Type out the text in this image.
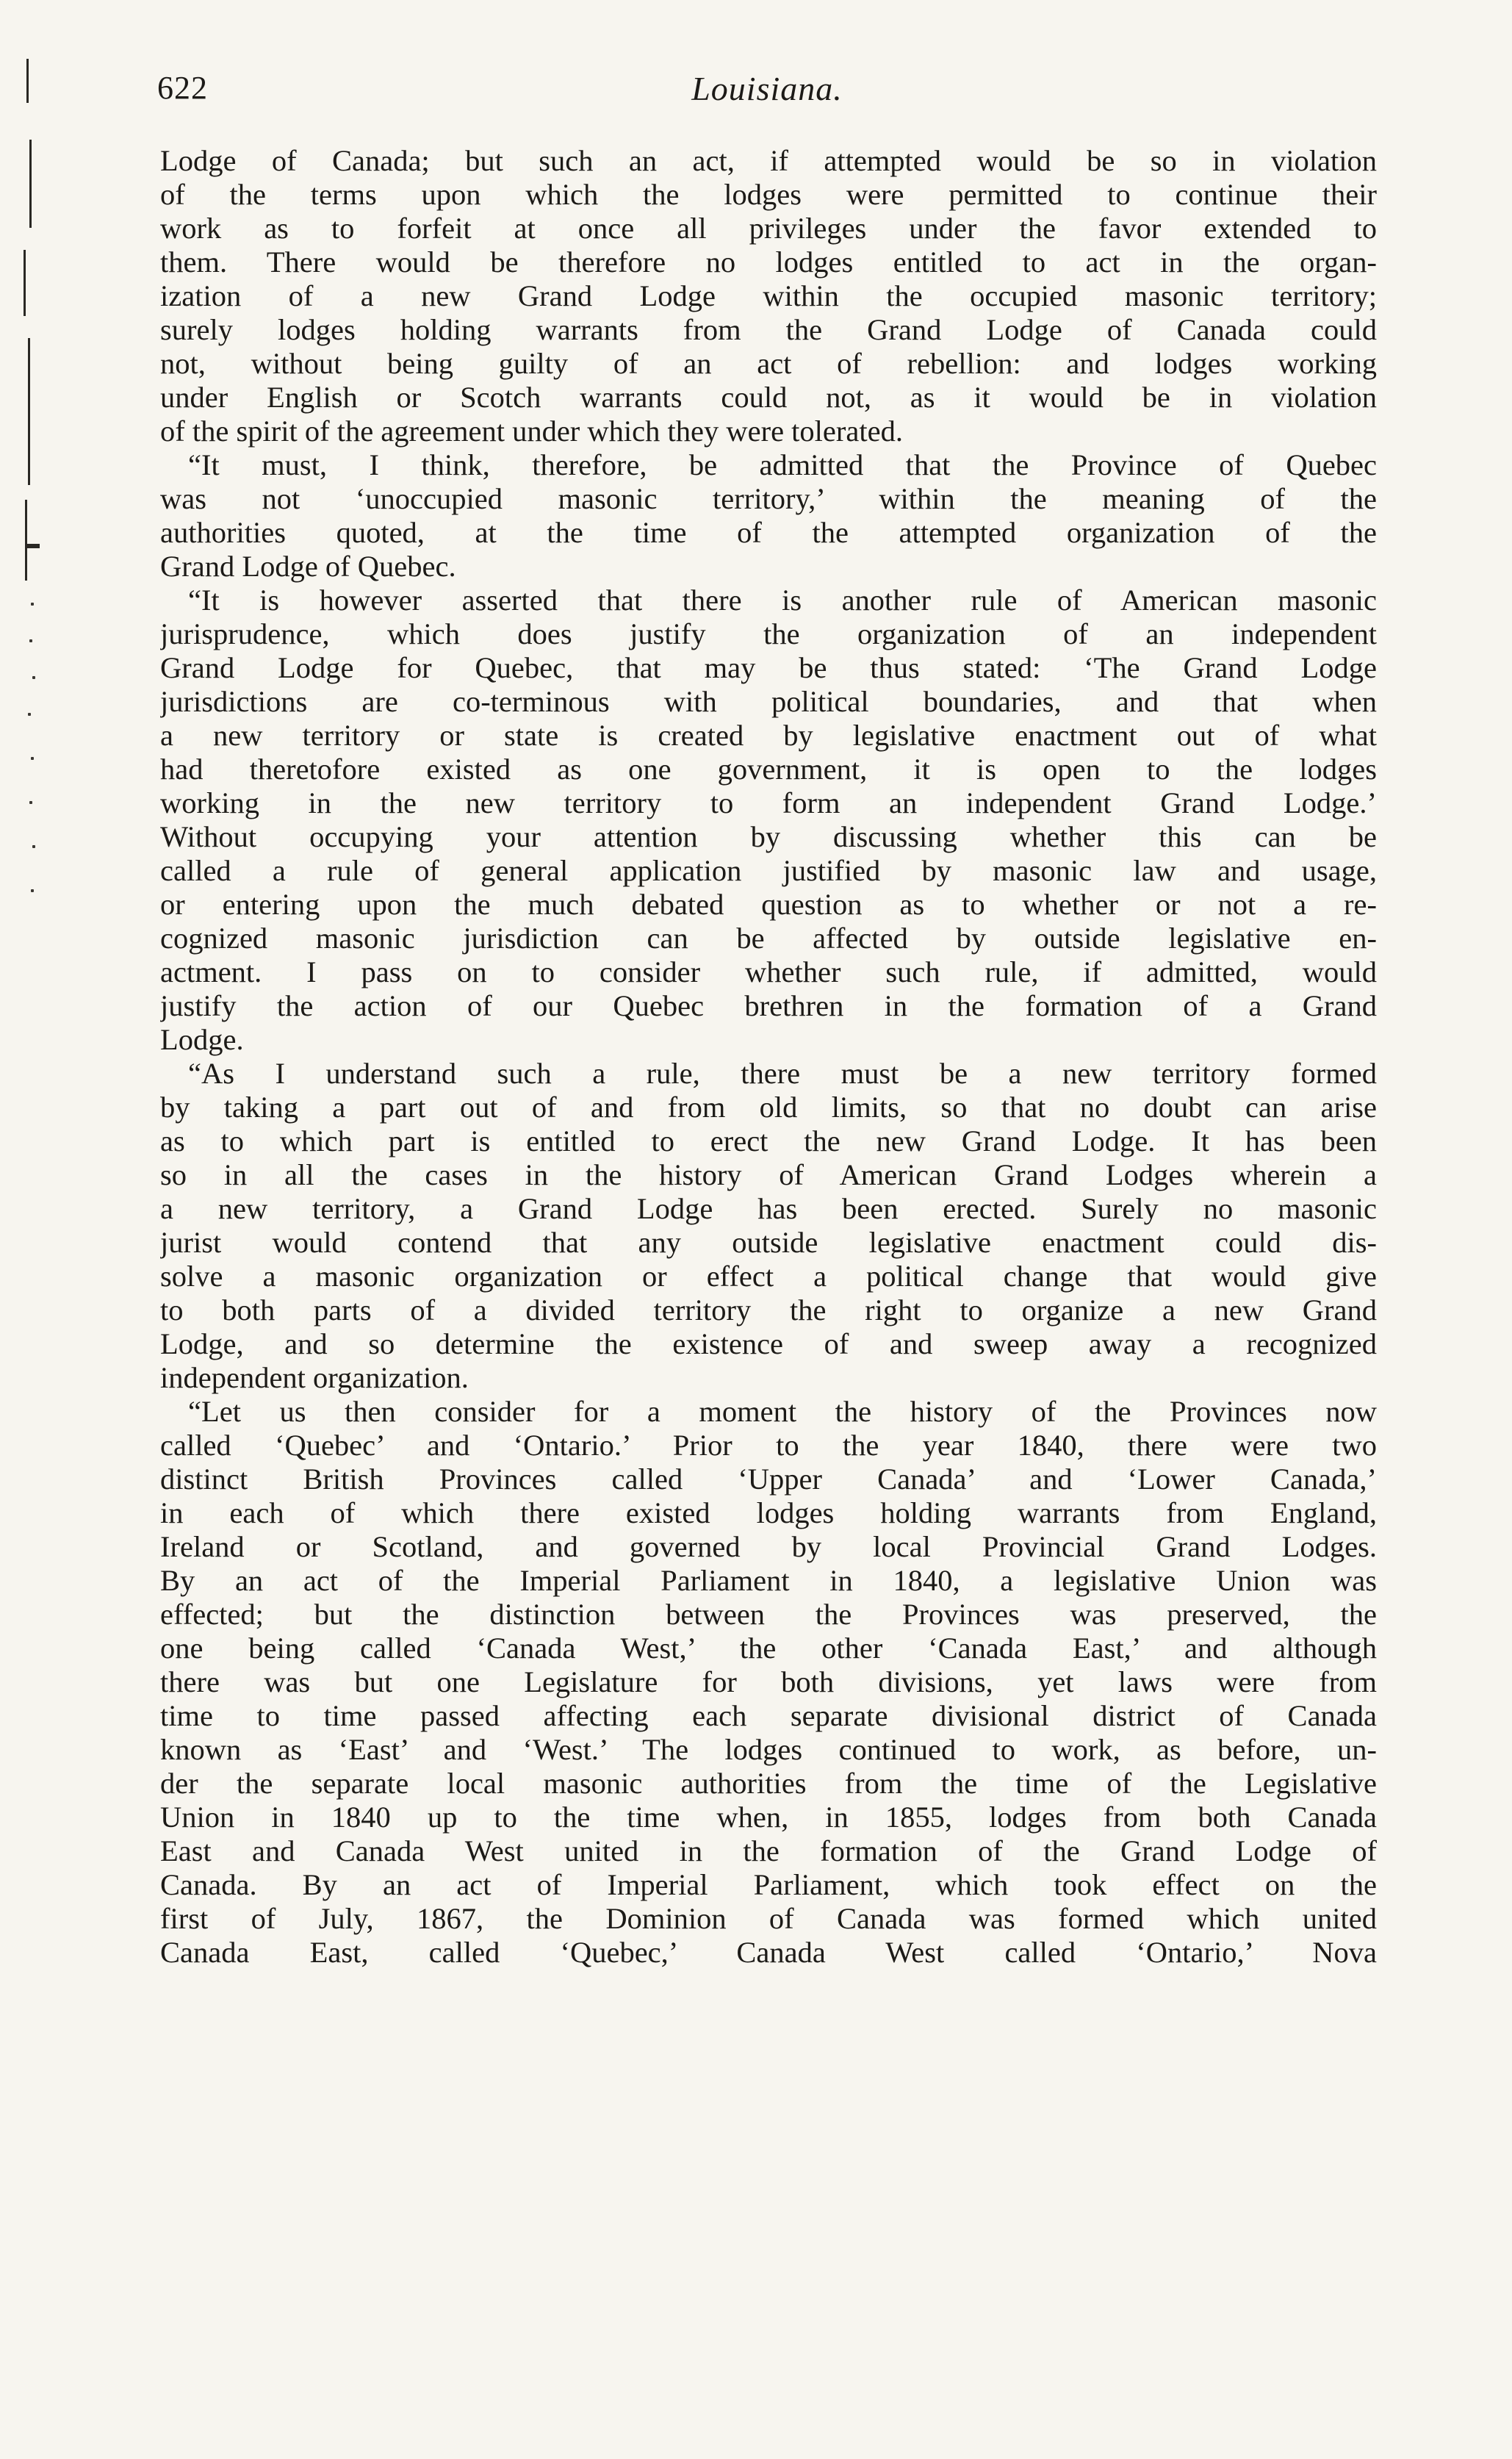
622	Louisiana.
Lodge of Canada; but such an act, if attempted would be so in violation
of the terms upon which the lodges were permitted to continue their
work as to forfeit at once all privileges under the favor extended to
them. There would be therefore no lodges entitled to act in the organ-
ization of a new Grand Lodge within the occupied masonic territory;
surely lodges holding warrants from the Grand Lodge of Canada could
not, without being guilty of an act of rebellion: and lodges working
under English or Scotch warrants could not, as it would be in violation
of the spirit of the agreement under which they were tolerated.
“It must, I think, therefore, be admitted that the Province of Quebec
was not ‘unoccupied masonic territory,’ within the meaning of the
authorities quoted, at the time of the attempted organization of the
Grand Lodge of Quebec.
“It is however asserted that there is another rule of American masonic
jurisprudence, which does justify the organization of an independent
Grand Lodge for Quebec, that may be thus stated: ‘The Grand Lodge
jurisdictions are co-terminous with political boundaries, and that when
a new territory or state is created by legislative enactment out of what
had theretofore existed as one government, it is open to the lodges
working in the new territory to form an independent Grand Lodge.’
Without occupying your attention by discussing whether this can be
called a rule of general application justified by masonic law and usage,
or entering upon the much debated question as to whether or not a re-
cognized masonic jurisdiction can be affected by outside legislative en-
actment. I pass on to consider whether such rule, if admitted, would
justify the action of our Quebec brethren in the formation of a Grand
Lodge.
“As I understand such a rule, there must be a new territory formed
by taking a part out of and from old limits, so that no doubt can arise
as to which part is entitled to erect the new Grand Lodge. It has been
so in all the cases in the history of American Grand Lodges wherein a
a new territory, a Grand Lodge has been erected. Surely no masonic
jurist would contend that any outside legislative enactment could dis-
solve a masonic organization or effect a political change that would give
to both parts of a divided territory the right to organize a new Grand
Lodge, and so determine the existence of and sweep away a recognized
independent organization.
“Let us then consider for a moment the history of the Provinces now
called ‘Quebec’ and ‘Ontario.’ Prior to the year 1840, there were two
distinct British Provinces called ‘Upper Canada’ and ‘Lower Canada,’
in each of which there existed lodges holding warrants from England,
Ireland or Scotland, and governed by local Provincial Grand Lodges.
By an act of the Imperial Parliament in 1840, a legislative Union was
effected; but the distinction between the Provinces was preserved, the
one being called ‘Canada West,’ the other ‘Canada East,’ and although
there was but one Legislature for both divisions, yet laws were from
time to time passed affecting each separate divisional district of Canada
known as ‘East’ and ‘West.’ The lodges continued to work, as before, un-
der the separate local masonic authorities from the time of the Legislative
Union in 1840 up to the time when, in 1855, lodges from both Canada
East and Canada West united in the formation of the Grand Lodge of
Canada. By an act of Imperial Parliament, which took effect on the
first of July, 1867, the Dominion of Canada was formed which united
Canada East, called ‘Quebec,’ Canada West called ‘Ontario,’ Nova
